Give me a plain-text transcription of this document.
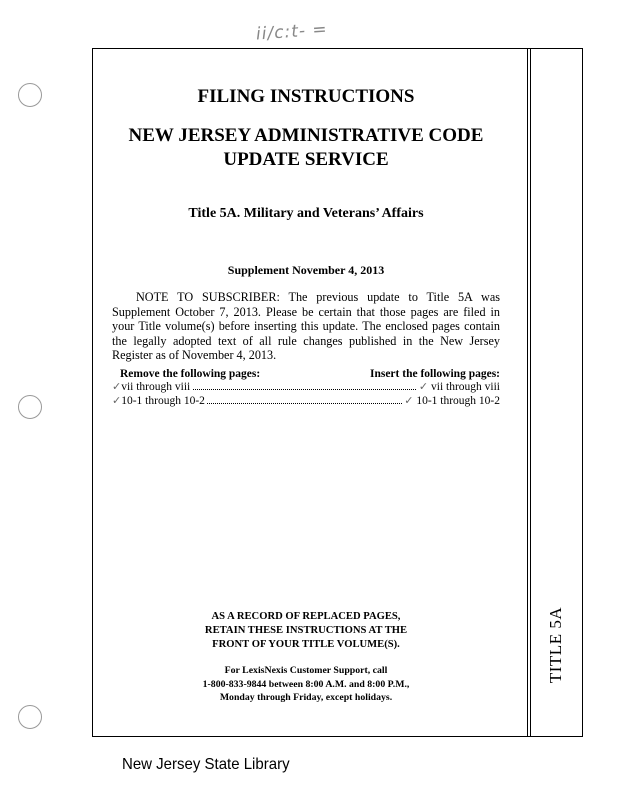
ii/c:t- =
TITLE 5A
FILING INSTRUCTIONS
NEW JERSEY ADMINISTRATIVE CODE
UPDATE SERVICE
Title 5A. Military and Veterans’ Affairs
Supplement November 4, 2013
NOTE TO SUBSCRIBER: The previous update to Title 5A was Supplement October 7, 2013. Please be certain that those pages are filed in your Title volume(s) before inserting this update. The enclosed pages contain the legally adopted text of all rule changes published in the New Jersey Register as of November 4, 2013.
Remove the following pages:	Insert the following pages:
✓vii through viii	✓ vii through viii
✓10-1 through 10-2	✓ 10-1 through 10-2
AS A RECORD OF REPLACED PAGES,
RETAIN THESE INSTRUCTIONS AT THE
FRONT OF YOUR TITLE VOLUME(S).
For LexisNexis Customer Support, call
1-800-833-9844 between 8:00 A.M. and 8:00 P.M.,
Monday through Friday, except holidays.
New Jersey State Library
